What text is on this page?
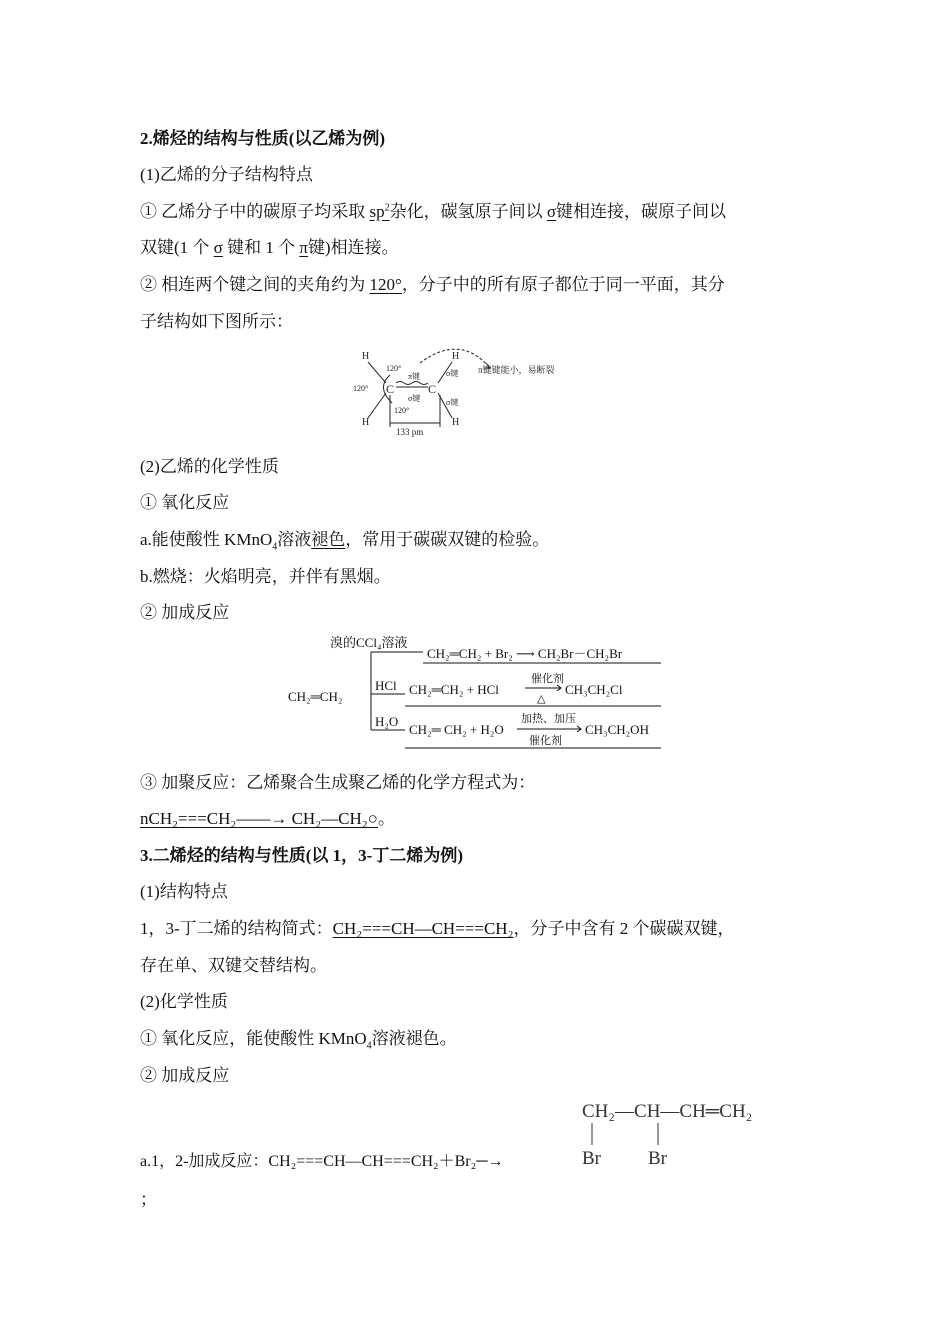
2.烯烃的结构与性质(以乙烯为例)
(1)乙烯的分子结构特点
① 乙烯分子中的碳原子均采取 $sp^2$杂化，碳氢原子间以 σ键相连接，碳原子间以
双键(1 个 σ 键和 1 个 π键)相连接。
② 相连两个键之间的夹角约为 120°，分子中的所有原子都位于同一平面，其分
子结构如下图所示：
H
H
H
H
C	C
120°
120°
120°
π键
σ键
σ键
σ键
133 pm
π键键能小，易断裂
(2)乙烯的化学性质
① 氧化反应
a.能使酸性 KMnO$_4$溶液褪色，常用于碳碳双键的检验。
b.燃烧：火焰明亮，并伴有黑烟。
② 加成反应
溴的CCl₄溶液
HCl
H₂O
CH₂═CH₂
CH₂═CH₂ + Br₂ ⟶ CH₂Br－CH₂Br
CH₂═CH₂ + HCl
催化剂
△
CH₃CH₂Cl
CH₂═ CH₂ + H₂O
加热、加压
催化剂
CH₃CH₂OH
③ 加聚反应：乙烯聚合生成聚乙烯的化学方程式为：
nCH₂===CH₂——→ CH₂—CH₂○。
3.二烯烃的结构与性质(以 1，3-丁二烯为例)
(1)结构特点
1，3-丁二烯的结构简式：CH₂===CH—CH===CH₂，分子中含有 2 个碳碳双键，
存在单、双键交替结构。
(2)化学性质
① 氧化反应，能使酸性 KMnO$_4$溶液褪色。
② 加成反应
a.1，2-加成反应：CH₂===CH—CH===CH₂＋Br₂─→
CH₂—CH—CH═CH₂
Br Br
；
